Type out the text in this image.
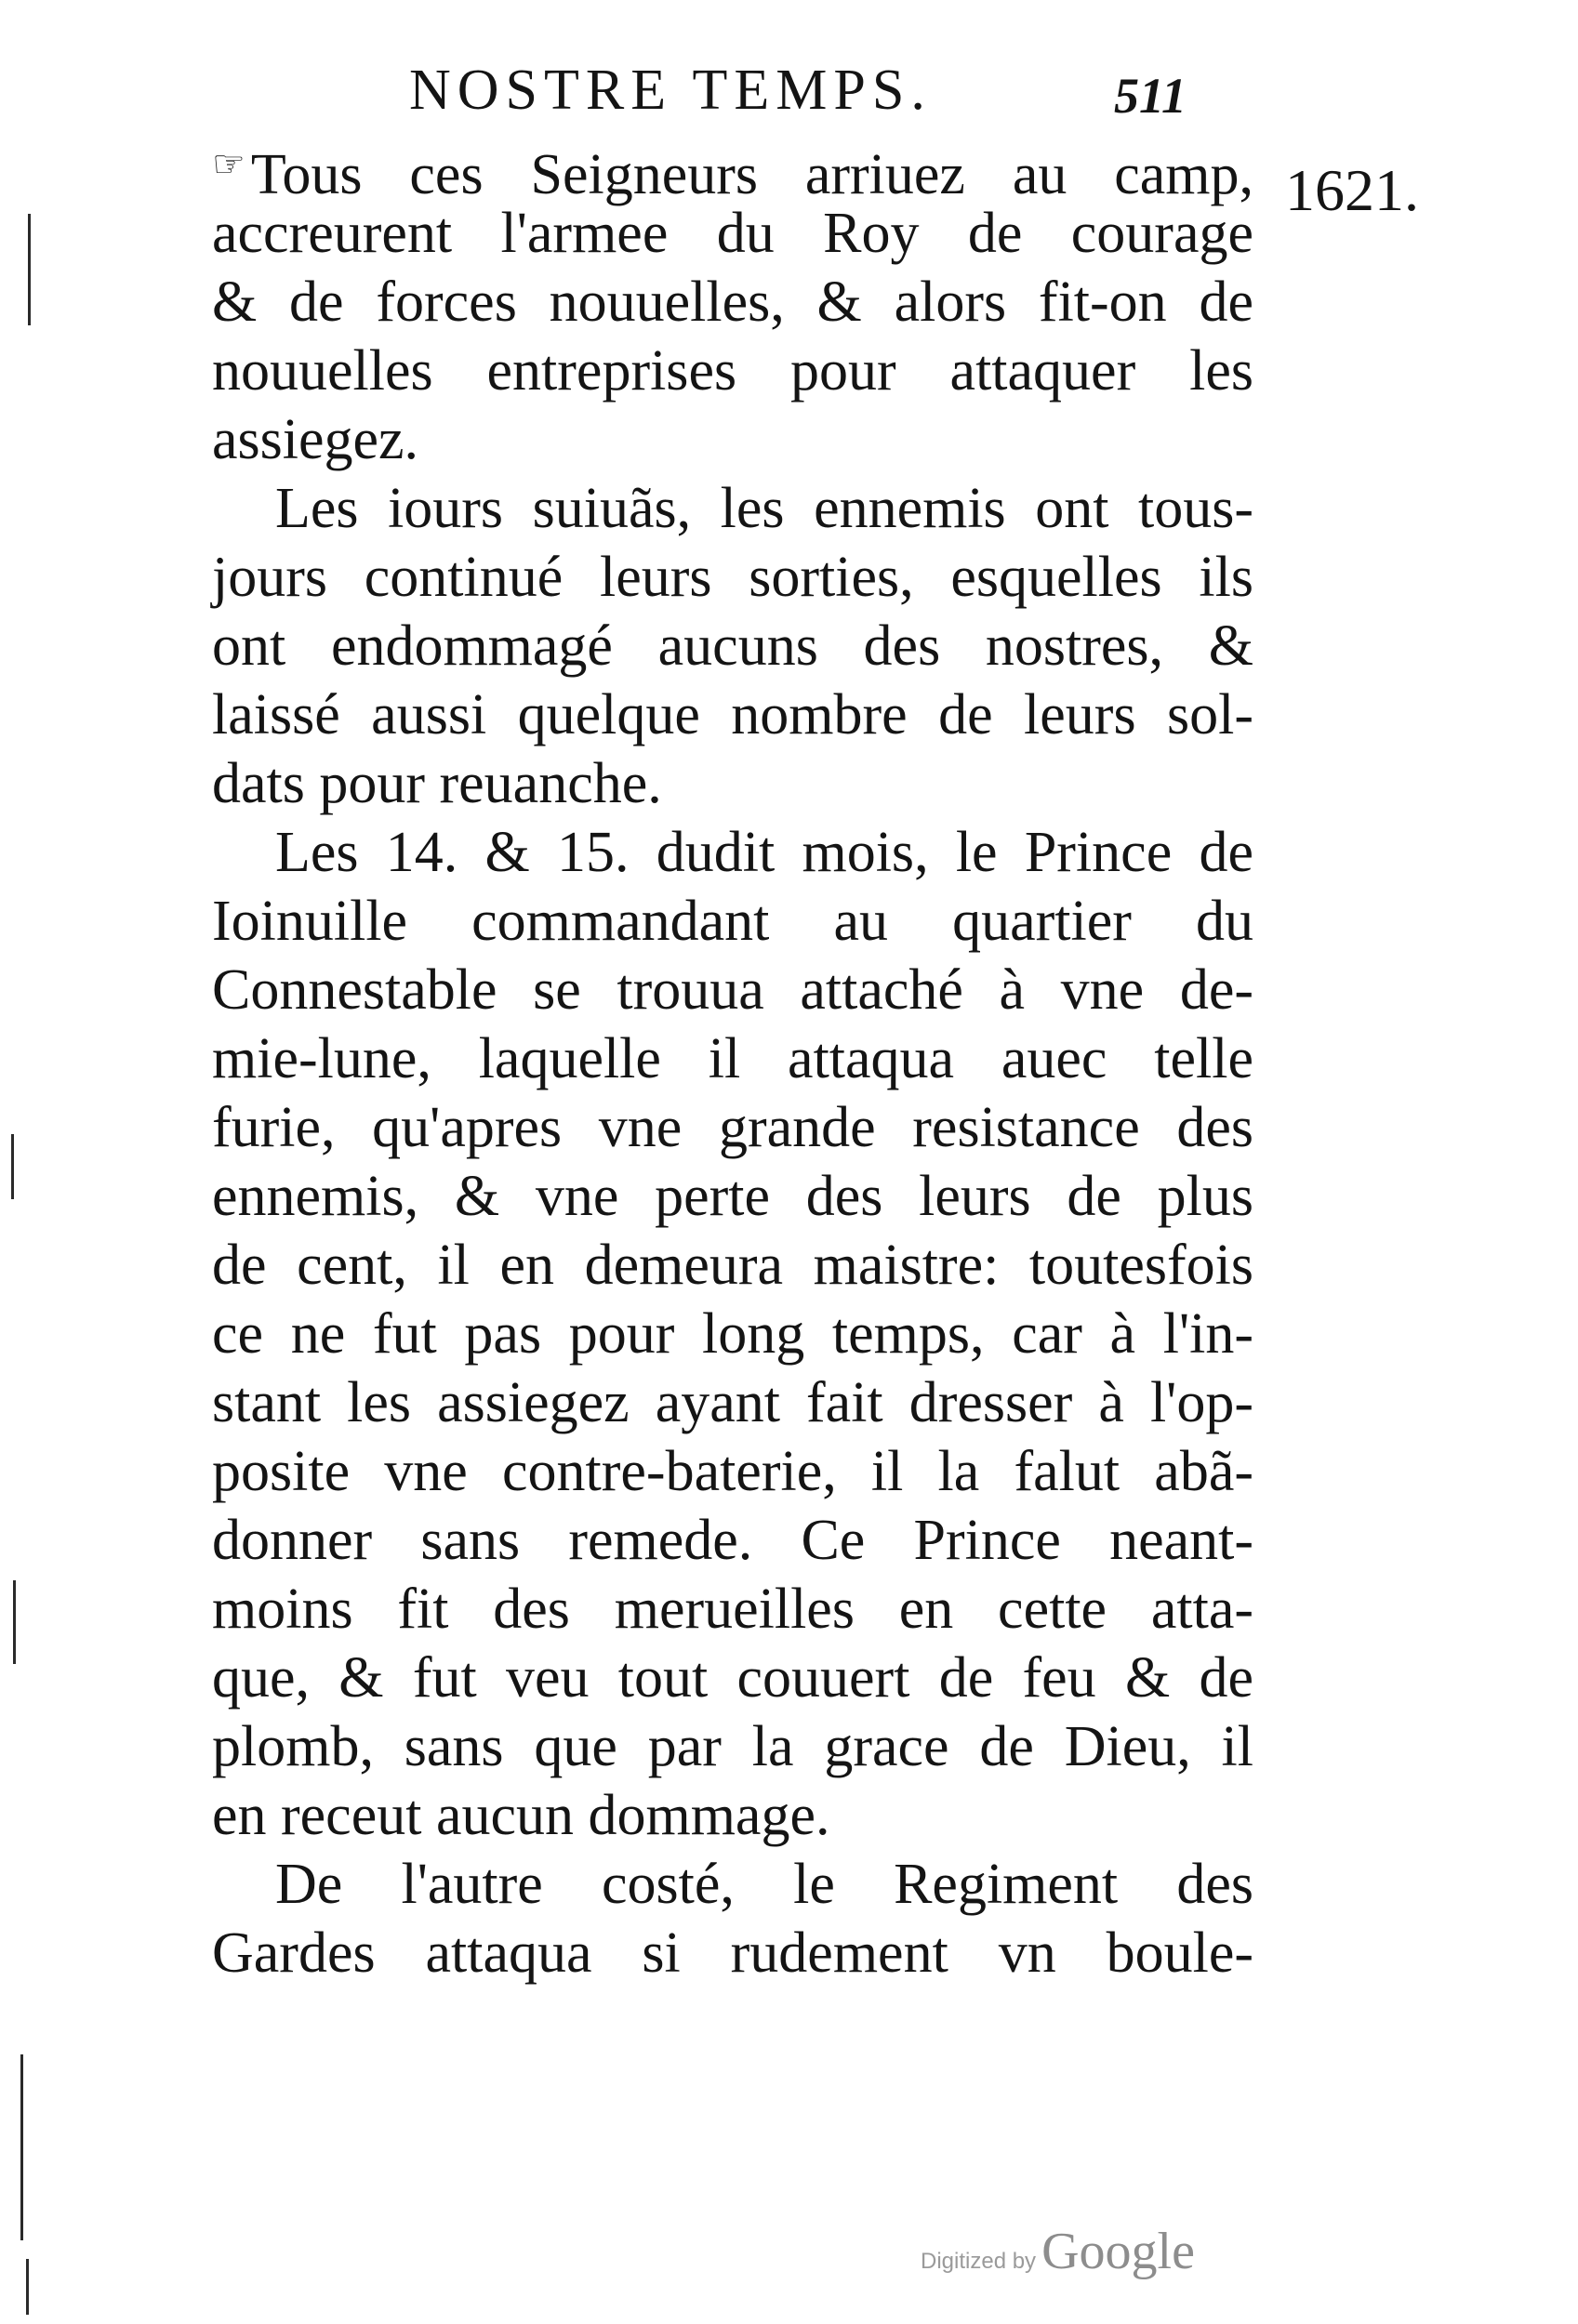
NOSTRE TEMPS.	511
1621.
☞Tous ces Seigneurs arriuez au camp,
accreurent l'armee du Roy de courage
& de forces nouuelles, & alors fit-on de
nouuelles entreprises pour attaquer les
assiegez.
Les iours suiuãs, les ennemis ont tous-
jours continué leurs sorties, esquelles ils
ont endommagé aucuns des nostres, &
laissé aussi quelque nombre de leurs sol-
dats pour reuanche.
Les 14. & 15. dudit mois, le Prince de
Ioinuille commandant au quartier du
Connestable se trouua attaché à vne de-
mie-lune, laquelle il attaqua auec telle
furie, qu'apres vne grande resistance des
ennemis, & vne perte des leurs de plus
de cent, il en demeura maistre: toutesfois
ce ne fut pas pour long temps, car à l'in-
stant les assiegez ayant fait dresser à l'op-
posite vne contre-baterie, il la falut abã-
donner sans remede. Ce Prince neant-
moins fit des merueilles en cette atta-
que, & fut veu tout couuert de feu & de
plomb, sans que par la grace de Dieu, il
en receut aucun dommage.
De l'autre costé, le Regiment des
Gardes attaqua si rudement vn boule-
Digitized by Google
